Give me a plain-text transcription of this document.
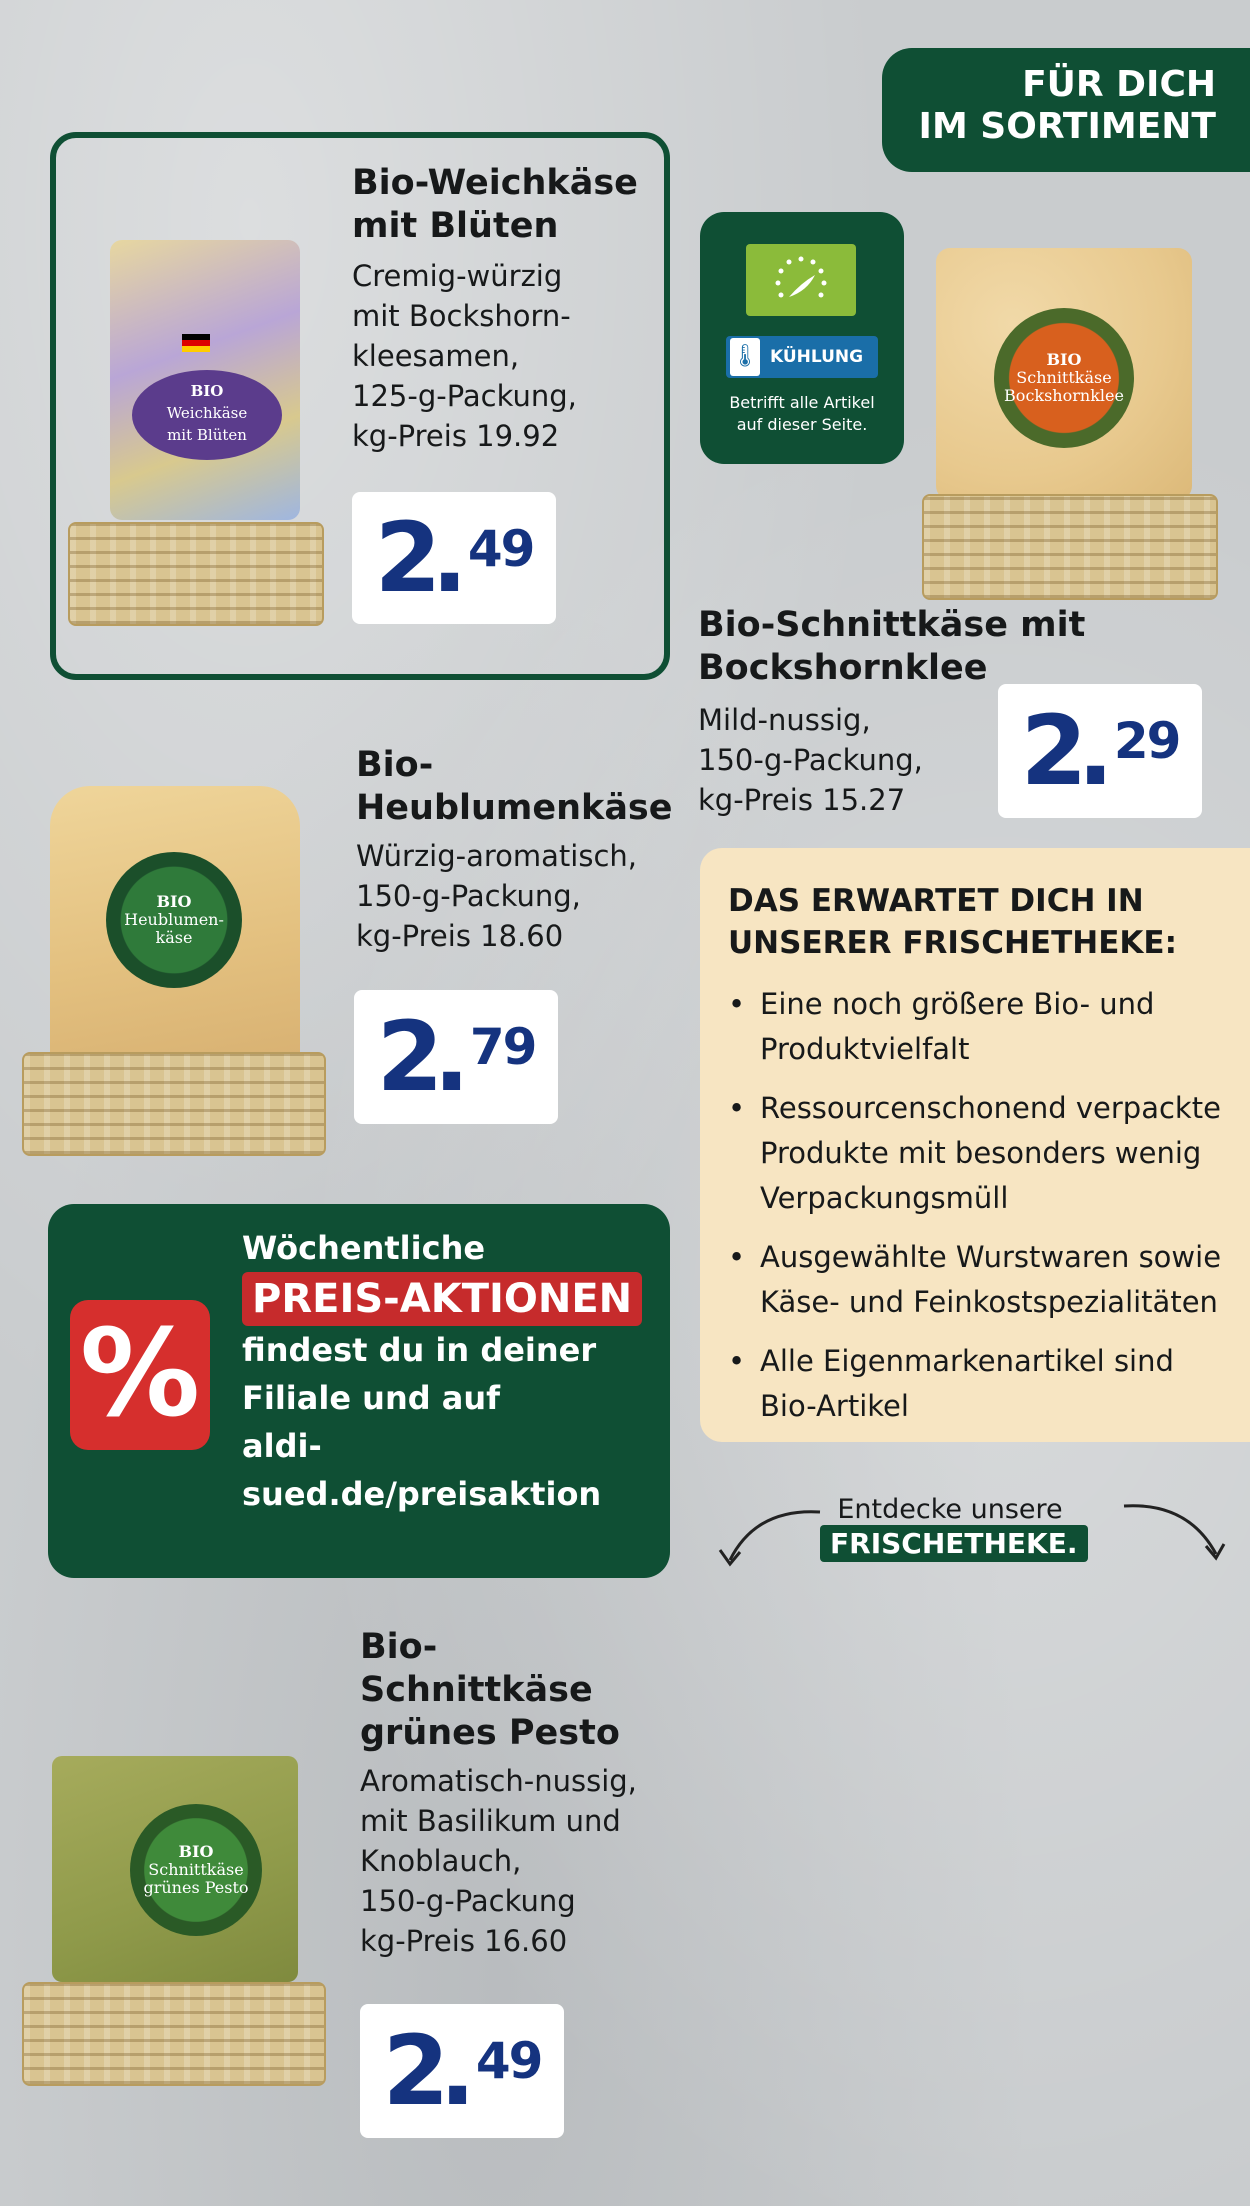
FÜR DICH
IM SORTIMENT
BIO
Weichkäse
mit Blüten
Bio-Weichkäse
mit Blüten
Cremig-würzig
mit Bockshorn-
kleesamen,
125-g-Packung,
kg-Preis 19.92
2
. 49
🌡 KÜHLUNG
Betrifft alle Artikel
auf dieser Seite.
BIO
Schnittkäse
Bockshornklee
Bio-Schnittkäse mit
Bockshornklee
Mild-nussig,
150-g-Packung,
kg-Preis 15.27	2
. 29
BIO
Heublumen-
käse
Bio-
Heublumenkäse
Würzig-aromatisch,
150-g-Packung,
kg-Preis 18.60
2
. 79
DAS ERWARTET DICH IN
UNSERER FRISCHETHEKE:
• Eine noch größere Bio- und Produktvielfalt
• Ressourcenschonend verpackte Produkte mit besonders wenig Verpackungsmüll
• Ausgewählte Wurstwaren sowie Käse- und Feinkostspezialitäten
• Alle Eigenmarkenartikel sind Bio-Artikel
%
Wöchentliche
PREIS-AKTIONEN
findest du in deiner
Filiale und auf
aldi-sued.de/preisaktion	Entdecke unsere
FRISCHETHEKE.
BIO
Schnittkäse
grünes Pesto
Bio-
Schnittkäse
grünes Pesto
Aromatisch-nussig,
mit Basilikum und
Knoblauch,
150-g-Packung
kg-Preis 16.60
2
. 49
